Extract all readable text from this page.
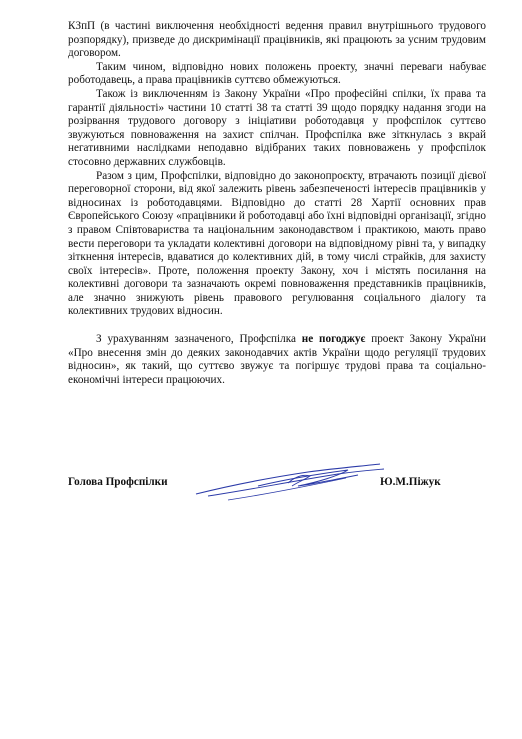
КЗпП (в частині виключення необхідності ведення правил внутрішнього трудового розпорядку), призведе до дискримінації працівників, які працюють за усним трудовим договором.

Таким чином, відповідно нових положень проекту, значні переваги набуває роботодавець, а права працівників суттєво обмежуються.

Також із виключенням із Закону України «Про професійні спілки, їх права та гарантії діяльності» частини 10 статті 38 та статті 39 щодо порядку надання згоди на розірвання трудового договору з ініціативи роботодавця у профспілок суттєво звужуються повноваження на захист спілчан. Профспілка вже зіткнулась з вкрай негативними наслідками неподавно відібраних таких повноважень у профспілок стосовно державних службовців.

Разом з цим, Профспілки, відповідно до законопроєкту, втрачають позиції дієвої переговорної сторони, від якої залежить рівень забезпеченості інтересів працівників у відносинах із роботодавцями. Відповідно до статті 28 Хартії основних прав Європейського Союзу «працівники й роботодавці або їхні відповідні організації, згідно з правом Співтовариства та національним законодавством і практикою, мають право вести переговори та укладати колективні договори на відповідному рівні та, у випадку зіткнення інтересів, вдаватися до колективних дій, в тому числі страйків, для захисту своїх інтересів». Проте, положення проекту Закону, хоч і містять посилання на колективні договори та зазначають окремі повноваження представників працівників, але значно знижують рівень правового регулювання соціального діалогу та колективних трудових відносин.

З урахуванням зазначеного, Профспілка не погоджує проект Закону України «Про внесення змін до деяких законодавчих актів України щодо регуляції трудових відносин», як такий, що суттєво звужує та погіршує трудові права та соціально-економічні інтереси працюючих.

Голова Профспілки	Ю.М.Піжук
